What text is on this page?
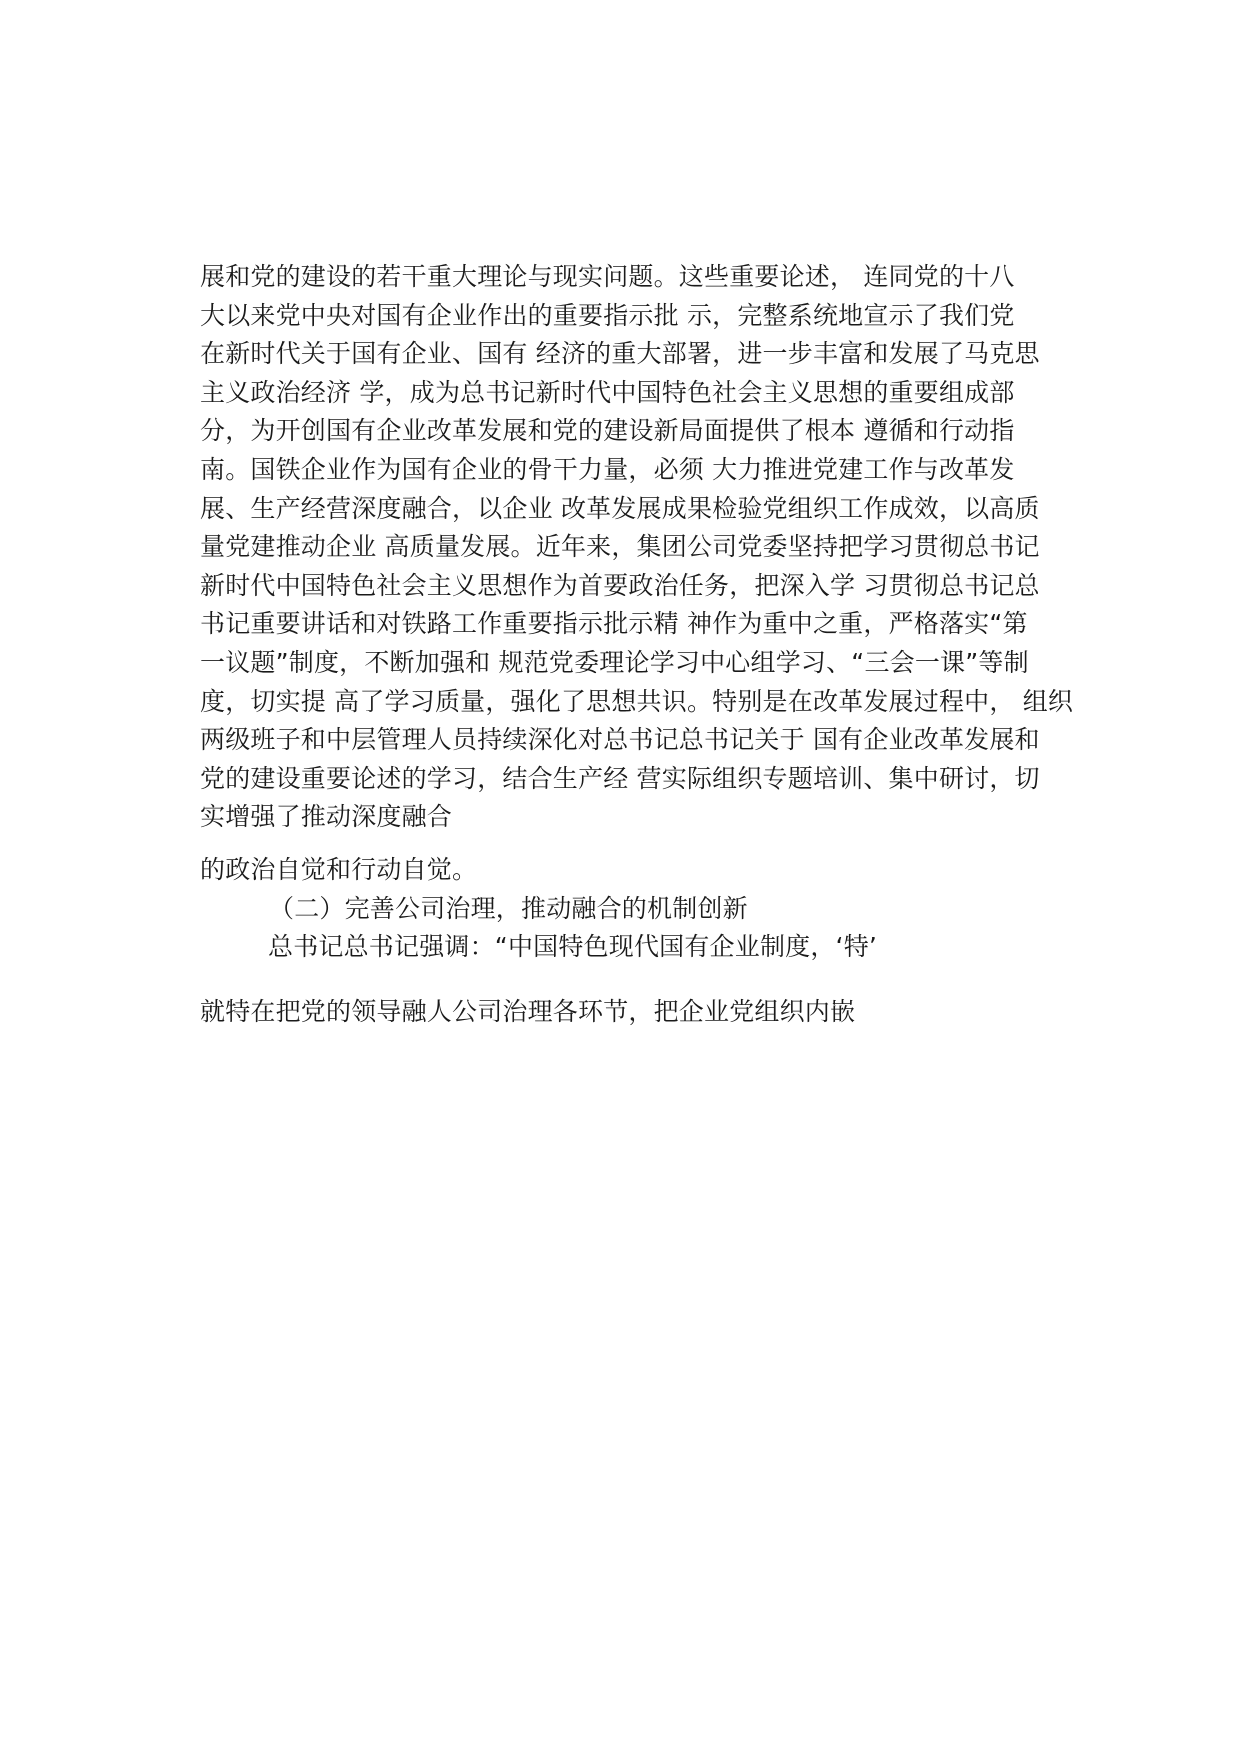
展和党的建设的若干重大理论与现实问题。这些重要论述， 连同党的十八
大以来党中央对国有企业作出的重要指示批 示，完整系统地宣示了我们党
在新时代关于国有企业、国有 经济的重大部署，进一步丰富和发展了马克思
主义政治经济 学，成为总书记新时代中国特色社会主义思想的重要组成部
分，为开创国有企业改革发展和党的建设新局面提供了根本 遵循和行动指
南。国铁企业作为国有企业的骨干力量，必须 大力推进党建工作与改革发
展、生产经营深度融合，以企业 改革发展成果检验党组织工作成效，以高质
量党建推动企业 高质量发展。近年来，集团公司党委坚持把学习贯彻总书记
新时代中国特色社会主义思想作为首要政治任务，把深入学 习贯彻总书记总
书记重要讲话和对铁路工作重要指示批示精 神作为重中之重，严格落实“第
一议题”制度，不断加强和 规范党委理论学习中心组学习、“三会一课”等制
度，切实提 高了学习质量，强化了思想共识。特别是在改革发展过程中， 组织
两级班子和中层管理人员持续深化对总书记总书记关于 国有企业改革发展和
党的建设重要论述的学习，结合生产经 营实际组织专题培训、集中研讨，切
实增强了推动深度融合
的政治自觉和行动自觉。
（二）完善公司治理，推动融合的机制创新
总书记总书记强调：“中国特色现代国有企业制度，‘特’
就特在把党的领导融人公司治理各环节，把企业党组织内嵌
